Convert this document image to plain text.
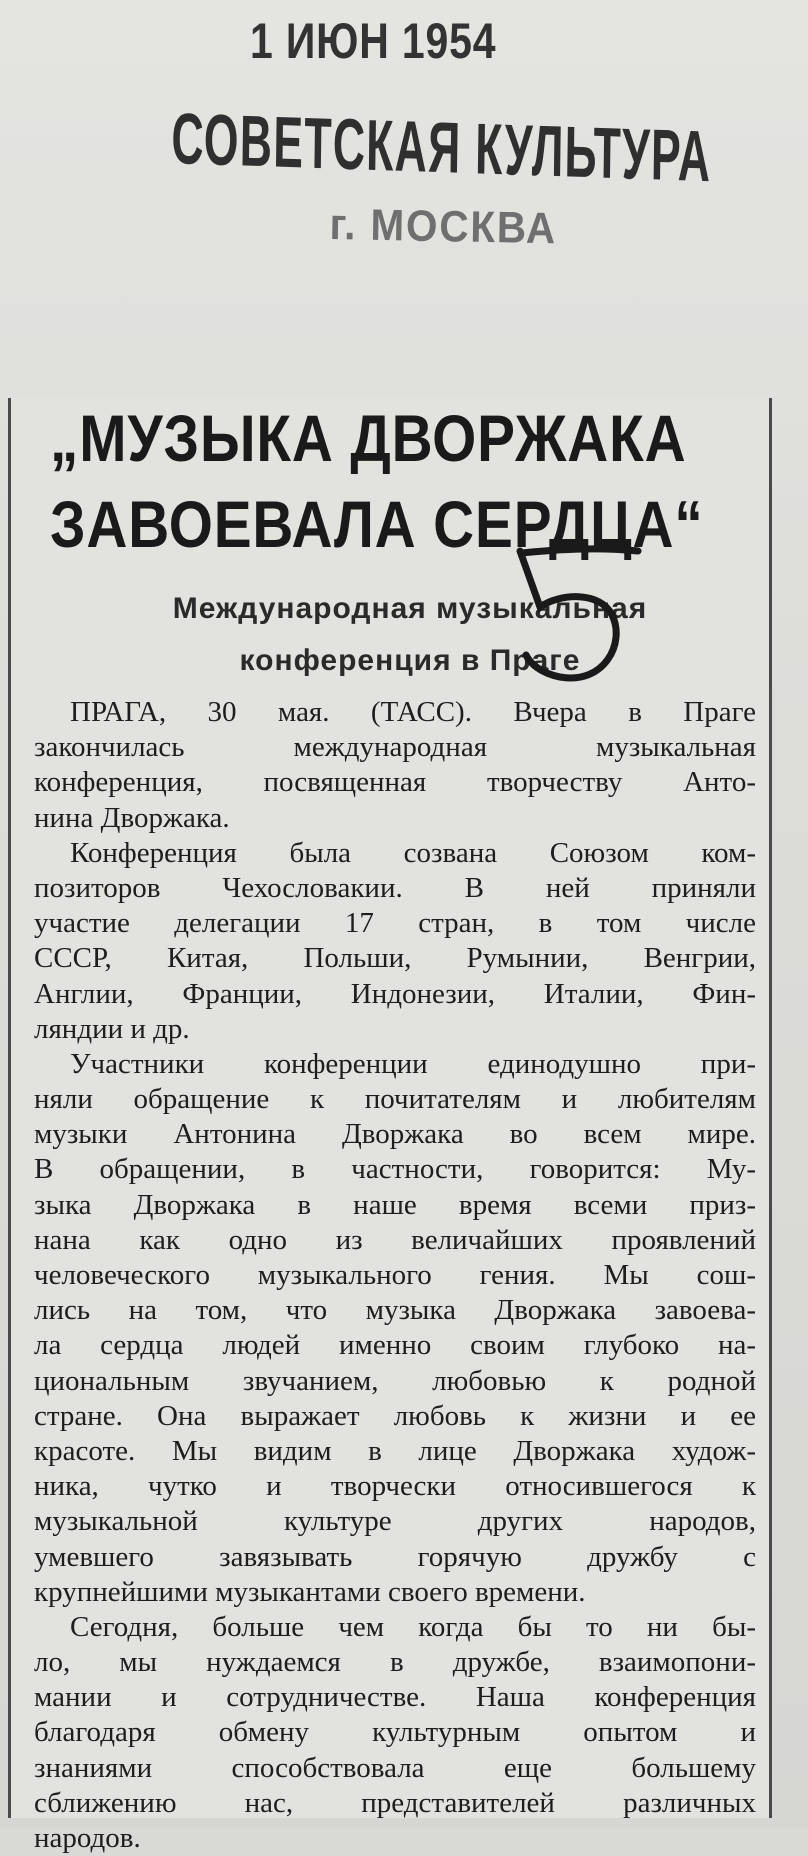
1 ИЮН 1954
СОВЕТСКАЯ КУЛЬТУРА
г. МОСКВА
„МУЗЫКА ДВОРЖАКА
ЗАВОЕВАЛА СЕРДЦА“
Международная музыкальная
конференция в Праге
ПРАГА, 30 мая. (ТАСС). Вчера в Праге
закончилась международная музыкальная
конференция, посвященная творчеству Анто-
нина Дворжака.
Конференция была созвана Союзом ком-
позиторов Чехословакии. В ней приняли
участие делегации 17 стран, в том числе
СССР, Китая, Польши, Румынии, Венгрии,
Англии, Франции, Индонезии, Италии, Фин-
ляндии и др.
Участники конференции единодушно при-
няли обращение к почитателям и любителям
музыки Антонина Дворжака во всем мире.
В обращении, в частности, говорится: Му-
зыка Дворжака в наше время всеми приз-
нана как одно из величайших проявлений
человеческого музыкального гения. Мы сош-
лись на том, что музыка Дворжака завоева-
ла сердца людей именно своим глубоко на-
циональным звучанием, любовью к родной
стране. Она выражает любовь к жизни и ее
красоте. Мы видим в лице Дворжака худож-
ника, чутко и творчески относившегося к
музыкальной культуре других народов,
умевшего завязывать горячую дружбу с
крупнейшими музыкантами своего времени.
Сегодня, больше чем когда бы то ни бы-
ло, мы нуждаемся в дружбе, взаимопони-
мании и сотрудничестве. Наша конференция
благодаря обмену культурным опытом и
знаниями способствовала еще большему
сближению нас, представителей различных
народов.
